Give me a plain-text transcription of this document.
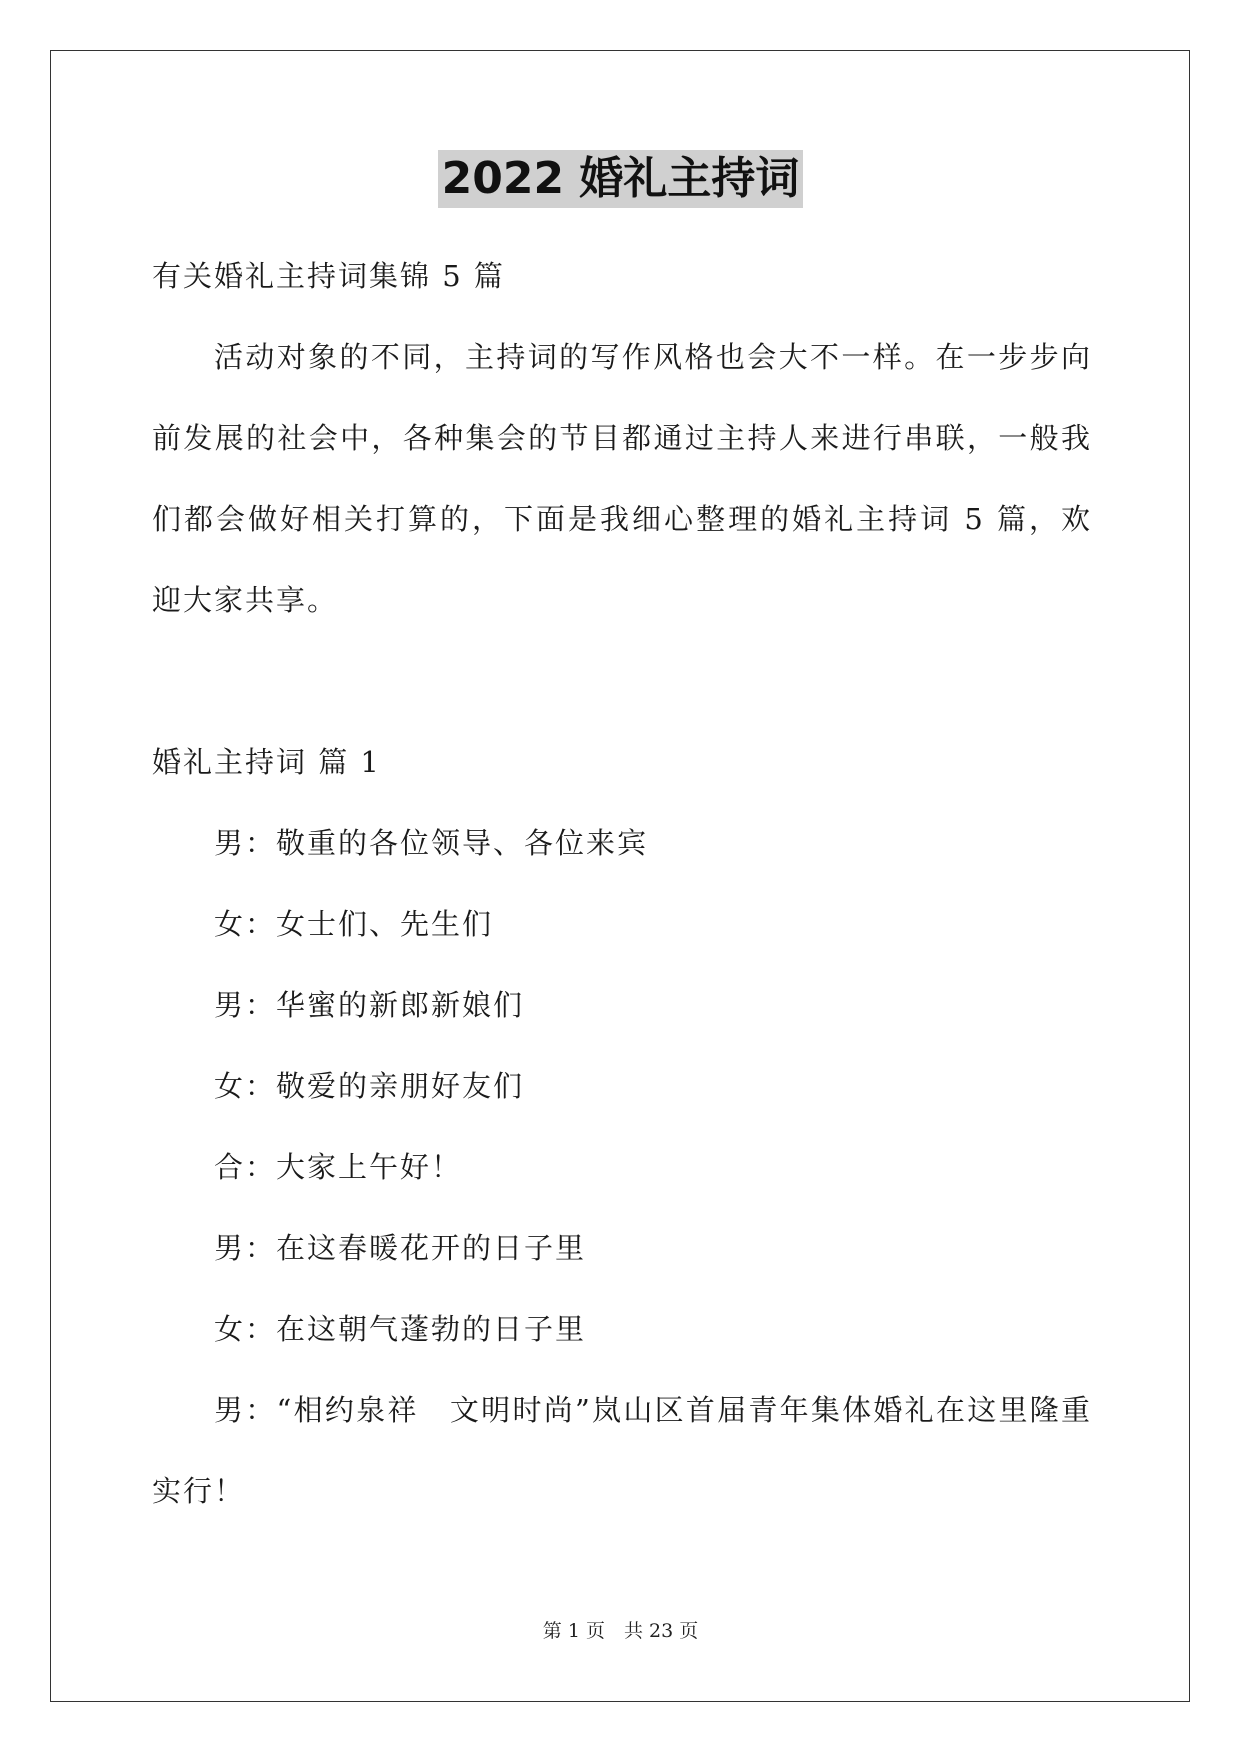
2022 婚礼主持词

有关婚礼主持词集锦 5 篇

活动对象的不同，主持词的写作风格也会大不一样。在一步步向前发展的社会中，各种集会的节目都通过主持人来进行串联，一般我们都会做好相关打算的，下面是我细心整理的婚礼主持词 5 篇，欢迎大家共享。

婚礼主持词 篇 1

男：敬重的各位领导、各位来宾

女：女士们、先生们

男：华蜜的新郎新娘们

女：敬爱的亲朋好友们

合：大家上午好！

男：在这春暖花开的日子里

女：在这朝气蓬勃的日子里

男：“相约泉祥　文明时尚”岚山区首届青年集体婚礼在这里隆重实行！

第 1 页　共 23 页
